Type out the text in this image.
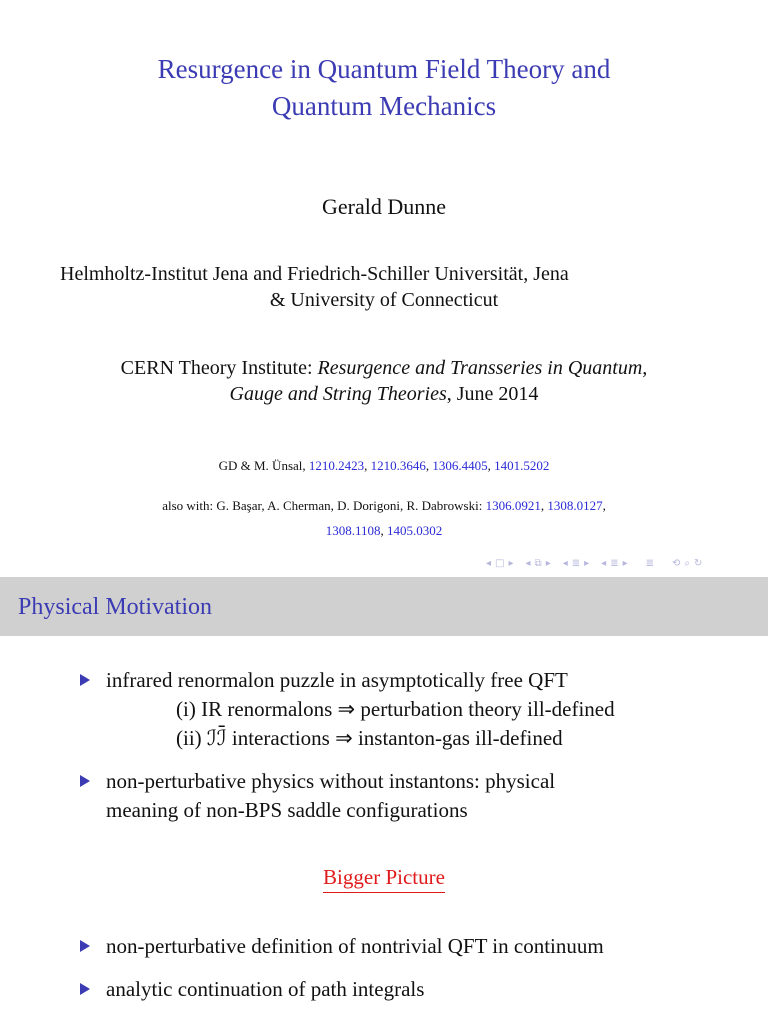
Resurgence in Quantum Field Theory and
Quantum Mechanics
Gerald Dunne
Helmholtz-Institut Jena and Friedrich-Schiller Universität, Jena
& University of Connecticut
CERN Theory Institute: Resurgence and Transseries in Quantum,
Gauge and String Theories, June 2014
GD & M. Ünsal, 1210.2423, 1210.3646, 1306.4405, 1401.5202
also with: G. Başar, A. Cherman, D. Dorigoni, R. Dabrowski: 1306.0921, 1308.0127,
1308.1108, 1405.0302
◂ □ ▸ ◂ ⧉ ▸ ◂ ≣ ▸ ◂ ≣ ▸ ≣ ⟲ ⌕ ↻
Physical Motivation
infrared renormalon puzzle in asymptotically free QFT
(i) IR renormalons ⇒ perturbation theory ill-defined
(ii) ℐℐ̄ interactions ⇒ instanton-gas ill-defined
non-perturbative physics without instantons: physical
meaning of non-BPS saddle configurations
Bigger Picture
non-perturbative definition of nontrivial QFT in continuum
analytic continuation of path integrals
